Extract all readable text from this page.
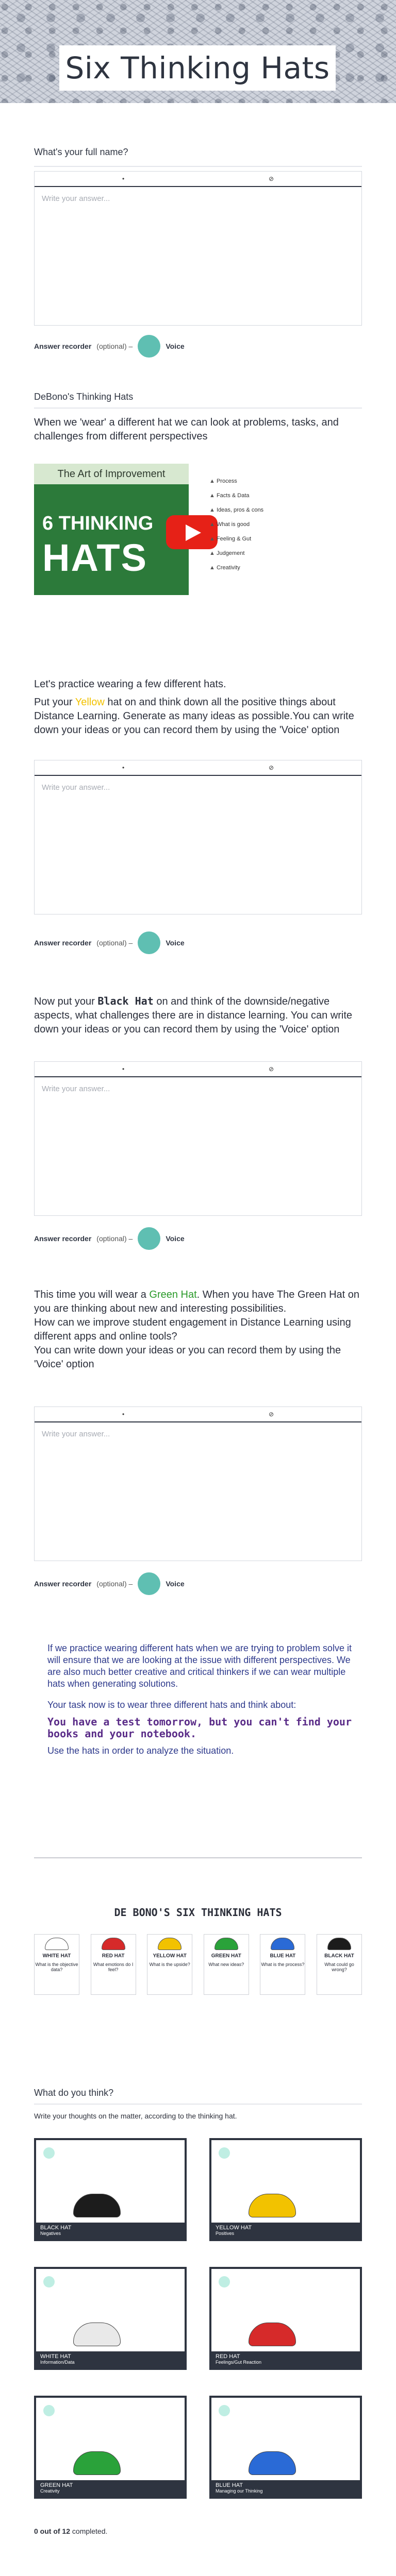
Six Thinking Hats
What's your full name?
•	⊘
Write your answer...
Answer recorder (optional) –	Voice
DeBono's Thinking Hats

When we 'wear' a different hat we can look at problems, tasks, and challenges from different perspectives

The Art of Improvement
6 THINKING
HATS
▲ Process
▲ Facts & Data
▲ Ideas, pros & cons
▲ What is good
▲ Feeling & Gut
▲ Judgement
▲ Creativity

Let's practice wearing a few different hats.

Put your Yellow hat on and think down all the positive things about Distance Learning. Generate as many ideas as possible.You can write down your ideas or you can record them by using the 'Voice' option

•	⊘
Write your answer...
Answer recorder (optional) –	Voice

Now put your Black Hat on and think of the downside/negative aspects, what challenges there are in distance learning. You can write down your ideas or you can record them by using the 'Voice' option

•	⊘
Write your answer...
Answer recorder (optional) –	Voice

This time you will wear a Green Hat. When you have The Green Hat on you are thinking about new and interesting possibilities.

How can we improve student engagement in Distance Learning using different apps and online tools?

You can write down your ideas or you can record them by using the 'Voice' option

•	⊘
Write your answer...
Answer recorder (optional) –	Voice

If we practice wearing different hats when we are trying to problem solve it will ensure that we are looking at the issue with different perspectives. We are also much better creative and critical thinkers if we can wear multiple hats when generating solutions.

Your task now is to wear three different hats and think about:

You have a test tomorrow, but you can't find your books and your notebook.

Use the hats in order to analyze the situation.

DE BONO'S SIX THINKING HATS
WHITE HAT
What is the objective data?
RED HAT
What emotions do I feel?
YELLOW HAT
What is the upside?
GREEN HAT
What new ideas?
BLUE HAT
What is the process?
BLACK HAT
What could go wrong?
What do you think?
Write your thoughts on the matter, according to the thinking hat.
BLACK HAT
Negatives
YELLOW HAT
Positives
WHITE HAT
Information/Data
RED HAT
Feelings/Gut Reaction
GREEN HAT
Creativity
BLUE HAT
Managing our Thinking
0 out of 12 completed.
